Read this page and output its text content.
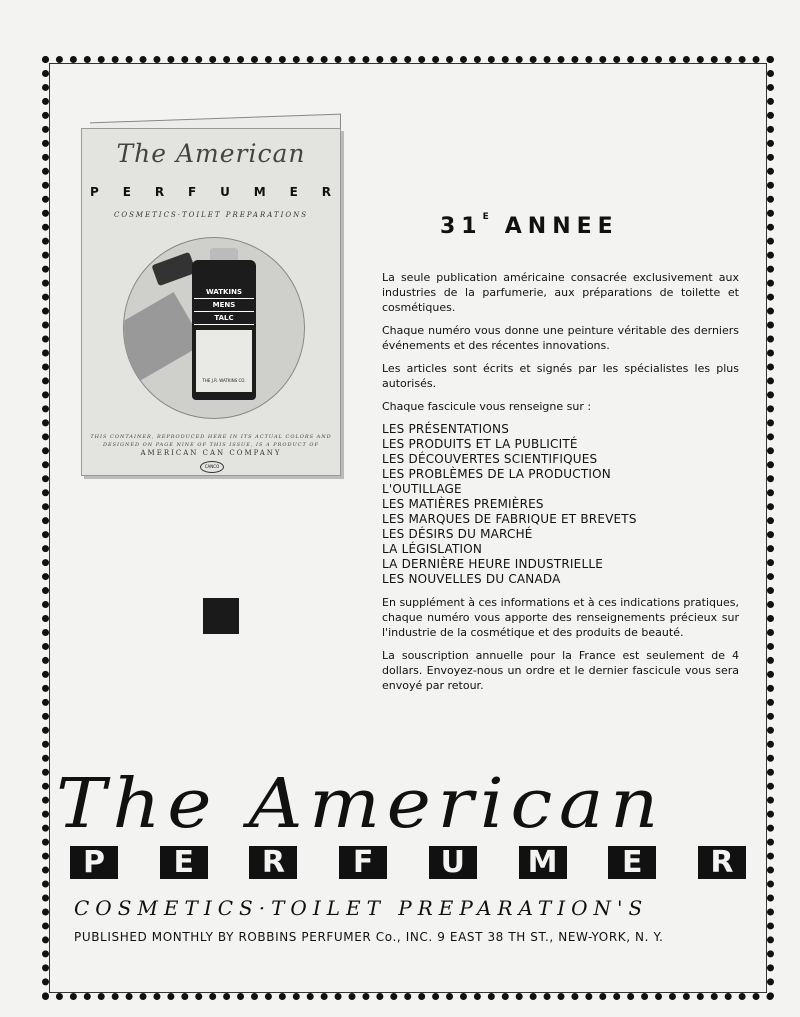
The American
P E R F U M E R
COSMETICS·TOILET PREPARATIONS
WATKINS
MENS
TALC
THE J.R. WATKINS CO.
THIS CONTAINER, REPRODUCED HERE IN ITS ACTUAL COLORS AND DESIGNED ON PAGE NINE OF THIS ISSUE, IS A PRODUCT OF
AMERICAN CAN COMPANY
CANCO
$31^E$ ANNEE

La seule publication américaine consacrée exclusivement aux industries de la parfumerie, aux préparations de toilette et cosmétiques.

Chaque numéro vous donne une peinture véritable des derniers événements et des récentes innovations.

Les articles sont écrits et signés par les spécialistes les plus autorisés.

Chaque fascicule vous renseigne sur :

LES PRÉSENTATIONS
LES PRODUITS ET LA PUBLICITÉ
LES DÉCOUVERTES SCIENTIFIQUES
LES PROBLÈMES DE LA PRODUCTION
L'OUTILLAGE
LES MATIÈRES PREMIÈRES
LES MARQUES DE FABRIQUE ET BREVETS
LES DÉSIRS DU MARCHÉ
LA LÉGISLATION
LA DERNIÈRE HEURE INDUSTRIELLE
LES NOUVELLES DU CANADA

En supplément à ces informations et à ces indications pratiques, chaque numéro vous apporte des renseignements précieux sur l'industrie de la cosmétique et des produits de beauté.

La souscription annuelle pour la France est seulement de 4 dollars. Envoyez-nous un ordre et le dernier fascicule vous sera envoyé par retour.

The American
P	E	R	F	U	M	E	R
COSMETICS·TOILET PREPARATION'S
PUBLISHED MONTHLY BY ROBBINS PERFUMER Co., INC. 9 EAST 38 TH ST., NEW-YORK, N. Y.
